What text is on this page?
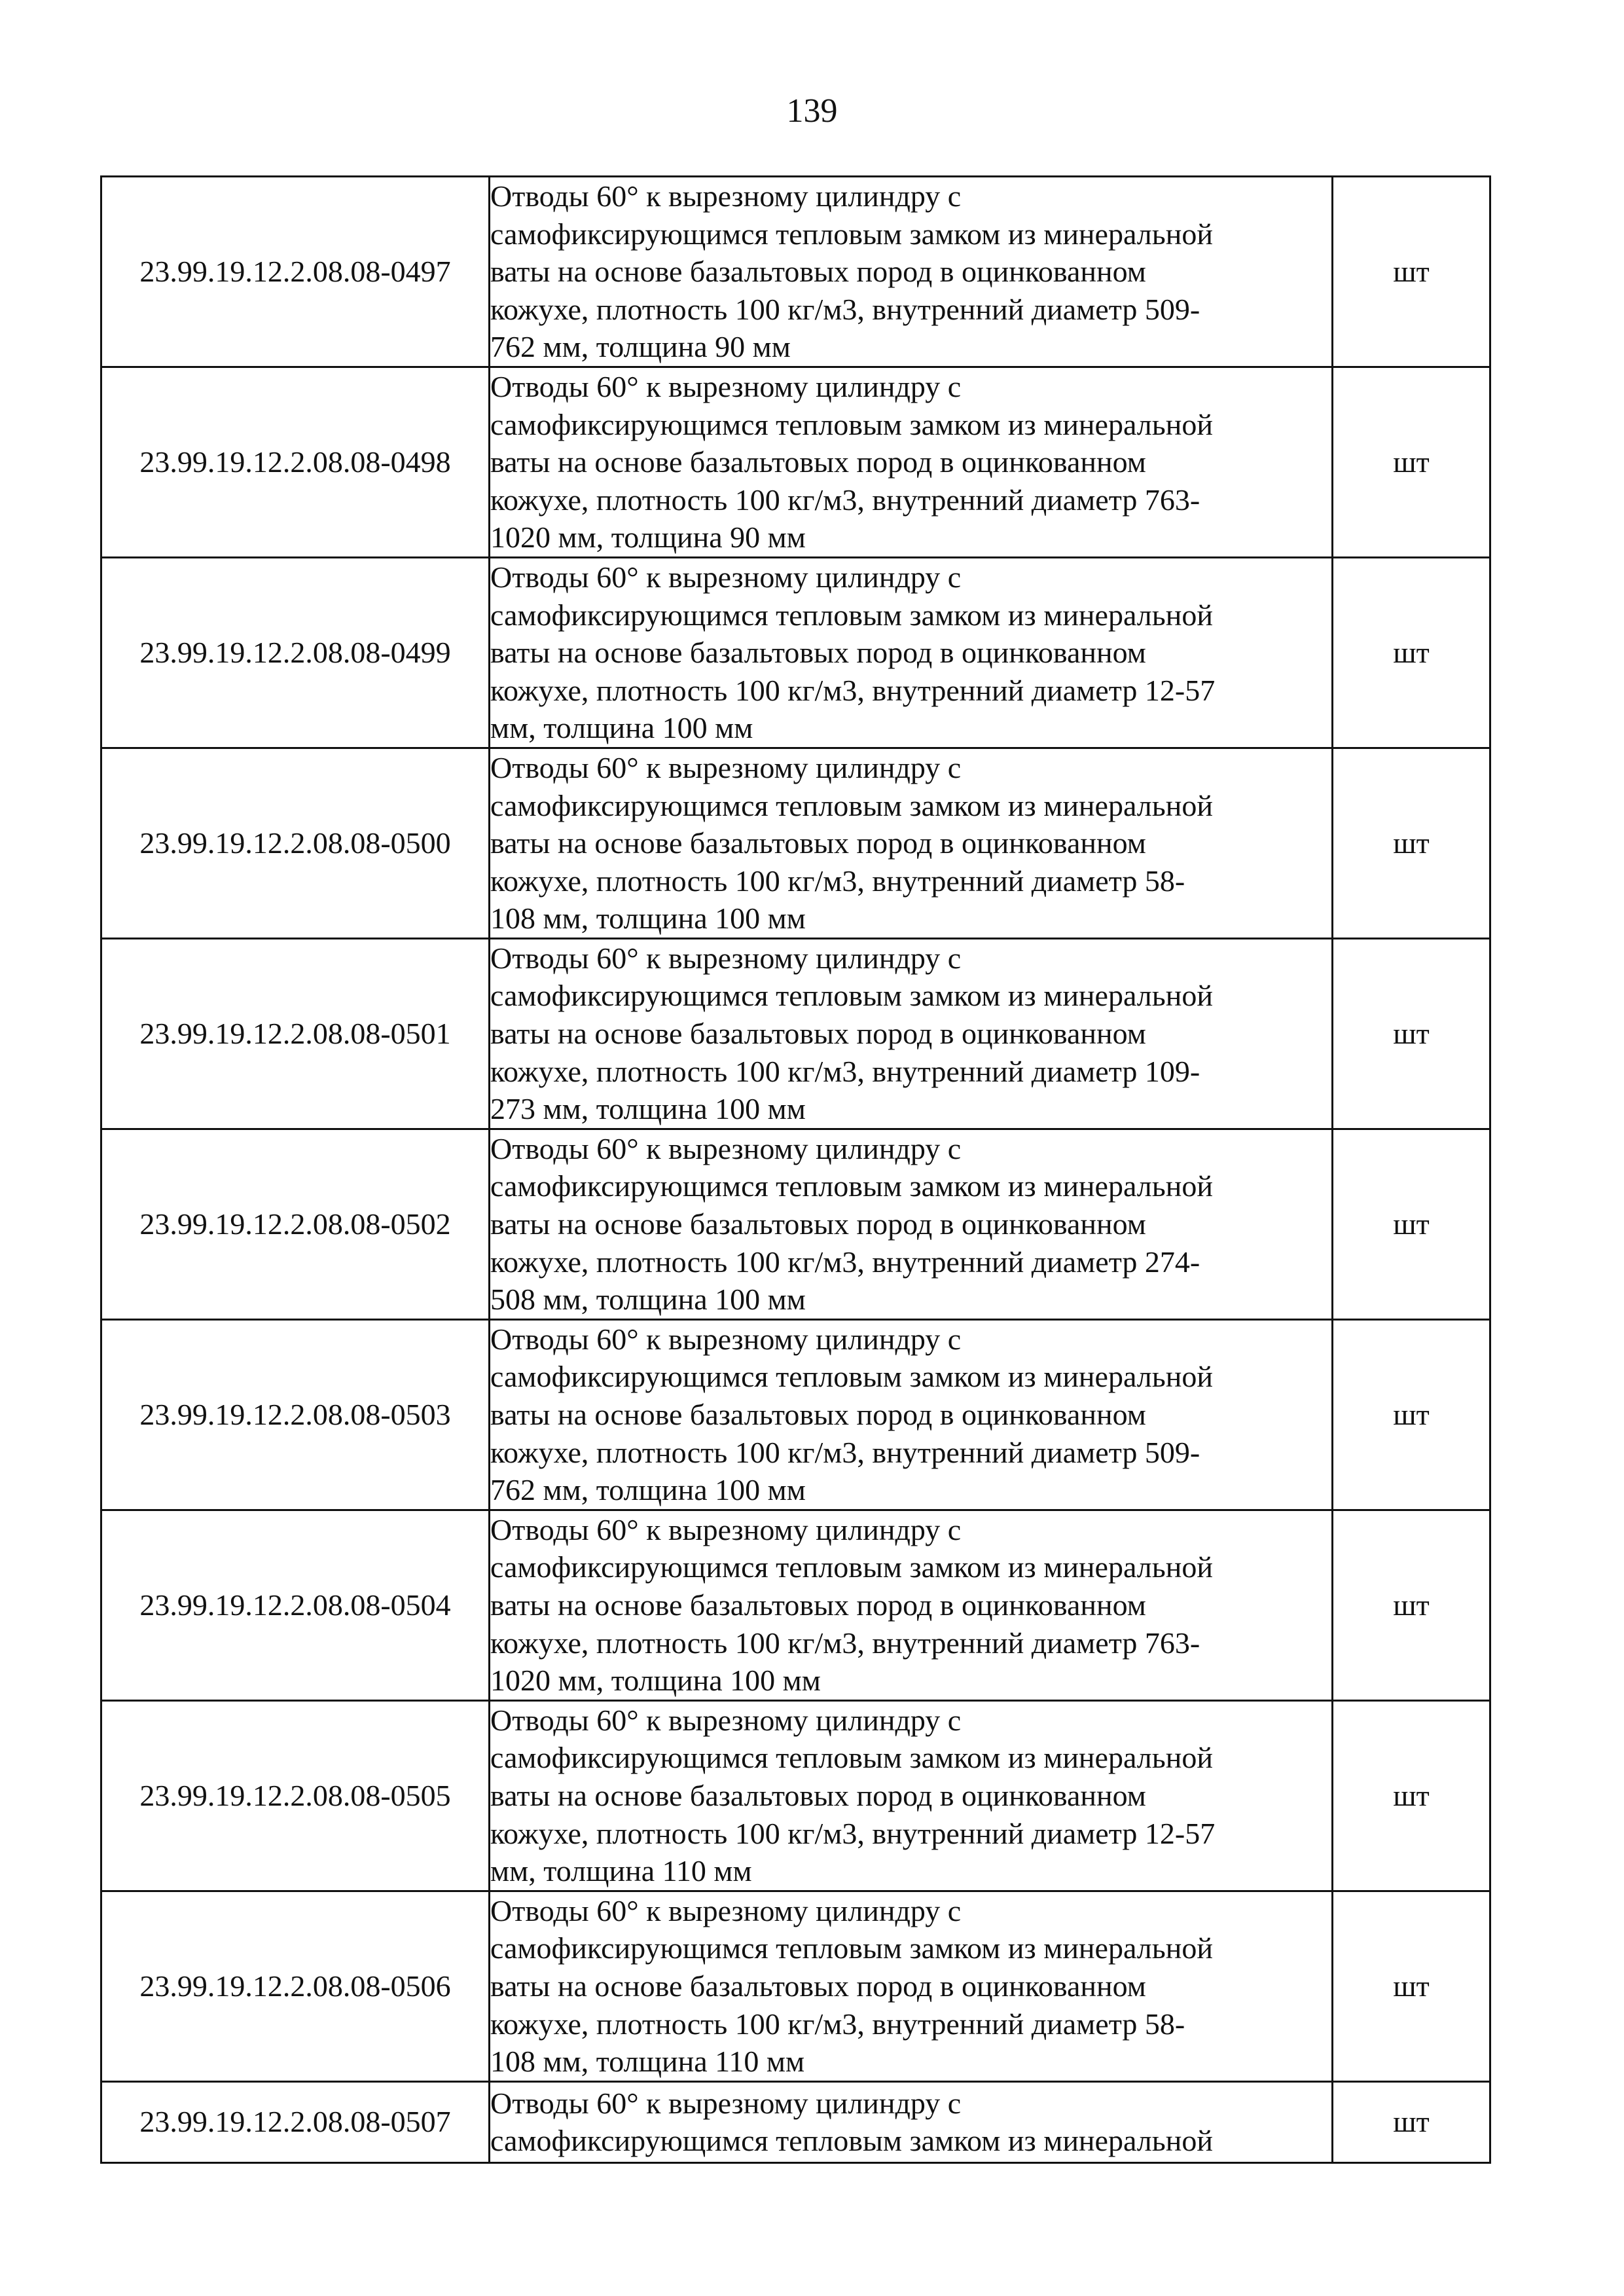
139
23.99.19.12.2.08.08-0497	Отводы 60° к вырезному цилиндру с
самофиксирующимся тепловым замком из минеральной
ваты на основе базальтовых пород в оцинкованном
кожухе, плотность 100 кг/м3, внутренний диаметр 509-
762 мм, толщина 90 мм	шт
23.99.19.12.2.08.08-0498	Отводы 60° к вырезному цилиндру с
самофиксирующимся тепловым замком из минеральной
ваты на основе базальтовых пород в оцинкованном
кожухе, плотность 100 кг/м3, внутренний диаметр 763-
1020 мм, толщина 90 мм	шт
23.99.19.12.2.08.08-0499	Отводы 60° к вырезному цилиндру с
самофиксирующимся тепловым замком из минеральной
ваты на основе базальтовых пород в оцинкованном
кожухе, плотность 100 кг/м3, внутренний диаметр 12-57
мм, толщина 100 мм	шт
23.99.19.12.2.08.08-0500	Отводы 60° к вырезному цилиндру с
самофиксирующимся тепловым замком из минеральной
ваты на основе базальтовых пород в оцинкованном
кожухе, плотность 100 кг/м3, внутренний диаметр 58-
108 мм, толщина 100 мм	шт
23.99.19.12.2.08.08-0501	Отводы 60° к вырезному цилиндру с
самофиксирующимся тепловым замком из минеральной
ваты на основе базальтовых пород в оцинкованном
кожухе, плотность 100 кг/м3, внутренний диаметр 109-
273 мм, толщина 100 мм	шт
23.99.19.12.2.08.08-0502	Отводы 60° к вырезному цилиндру с
самофиксирующимся тепловым замком из минеральной
ваты на основе базальтовых пород в оцинкованном
кожухе, плотность 100 кг/м3, внутренний диаметр 274-
508 мм, толщина 100 мм	шт
23.99.19.12.2.08.08-0503	Отводы 60° к вырезному цилиндру с
самофиксирующимся тепловым замком из минеральной
ваты на основе базальтовых пород в оцинкованном
кожухе, плотность 100 кг/м3, внутренний диаметр 509-
762 мм, толщина 100 мм	шт
23.99.19.12.2.08.08-0504	Отводы 60° к вырезному цилиндру с
самофиксирующимся тепловым замком из минеральной
ваты на основе базальтовых пород в оцинкованном
кожухе, плотность 100 кг/м3, внутренний диаметр 763-
1020 мм, толщина 100 мм	шт
23.99.19.12.2.08.08-0505	Отводы 60° к вырезному цилиндру с
самофиксирующимся тепловым замком из минеральной
ваты на основе базальтовых пород в оцинкованном
кожухе, плотность 100 кг/м3, внутренний диаметр 12-57
мм, толщина 110 мм	шт
23.99.19.12.2.08.08-0506	Отводы 60° к вырезному цилиндру с
самофиксирующимся тепловым замком из минеральной
ваты на основе базальтовых пород в оцинкованном
кожухе, плотность 100 кг/м3, внутренний диаметр 58-
108 мм, толщина 110 мм	шт
23.99.19.12.2.08.08-0507	Отводы 60° к вырезному цилиндру с
самофиксирующимся тепловым замком из минеральной	шт
